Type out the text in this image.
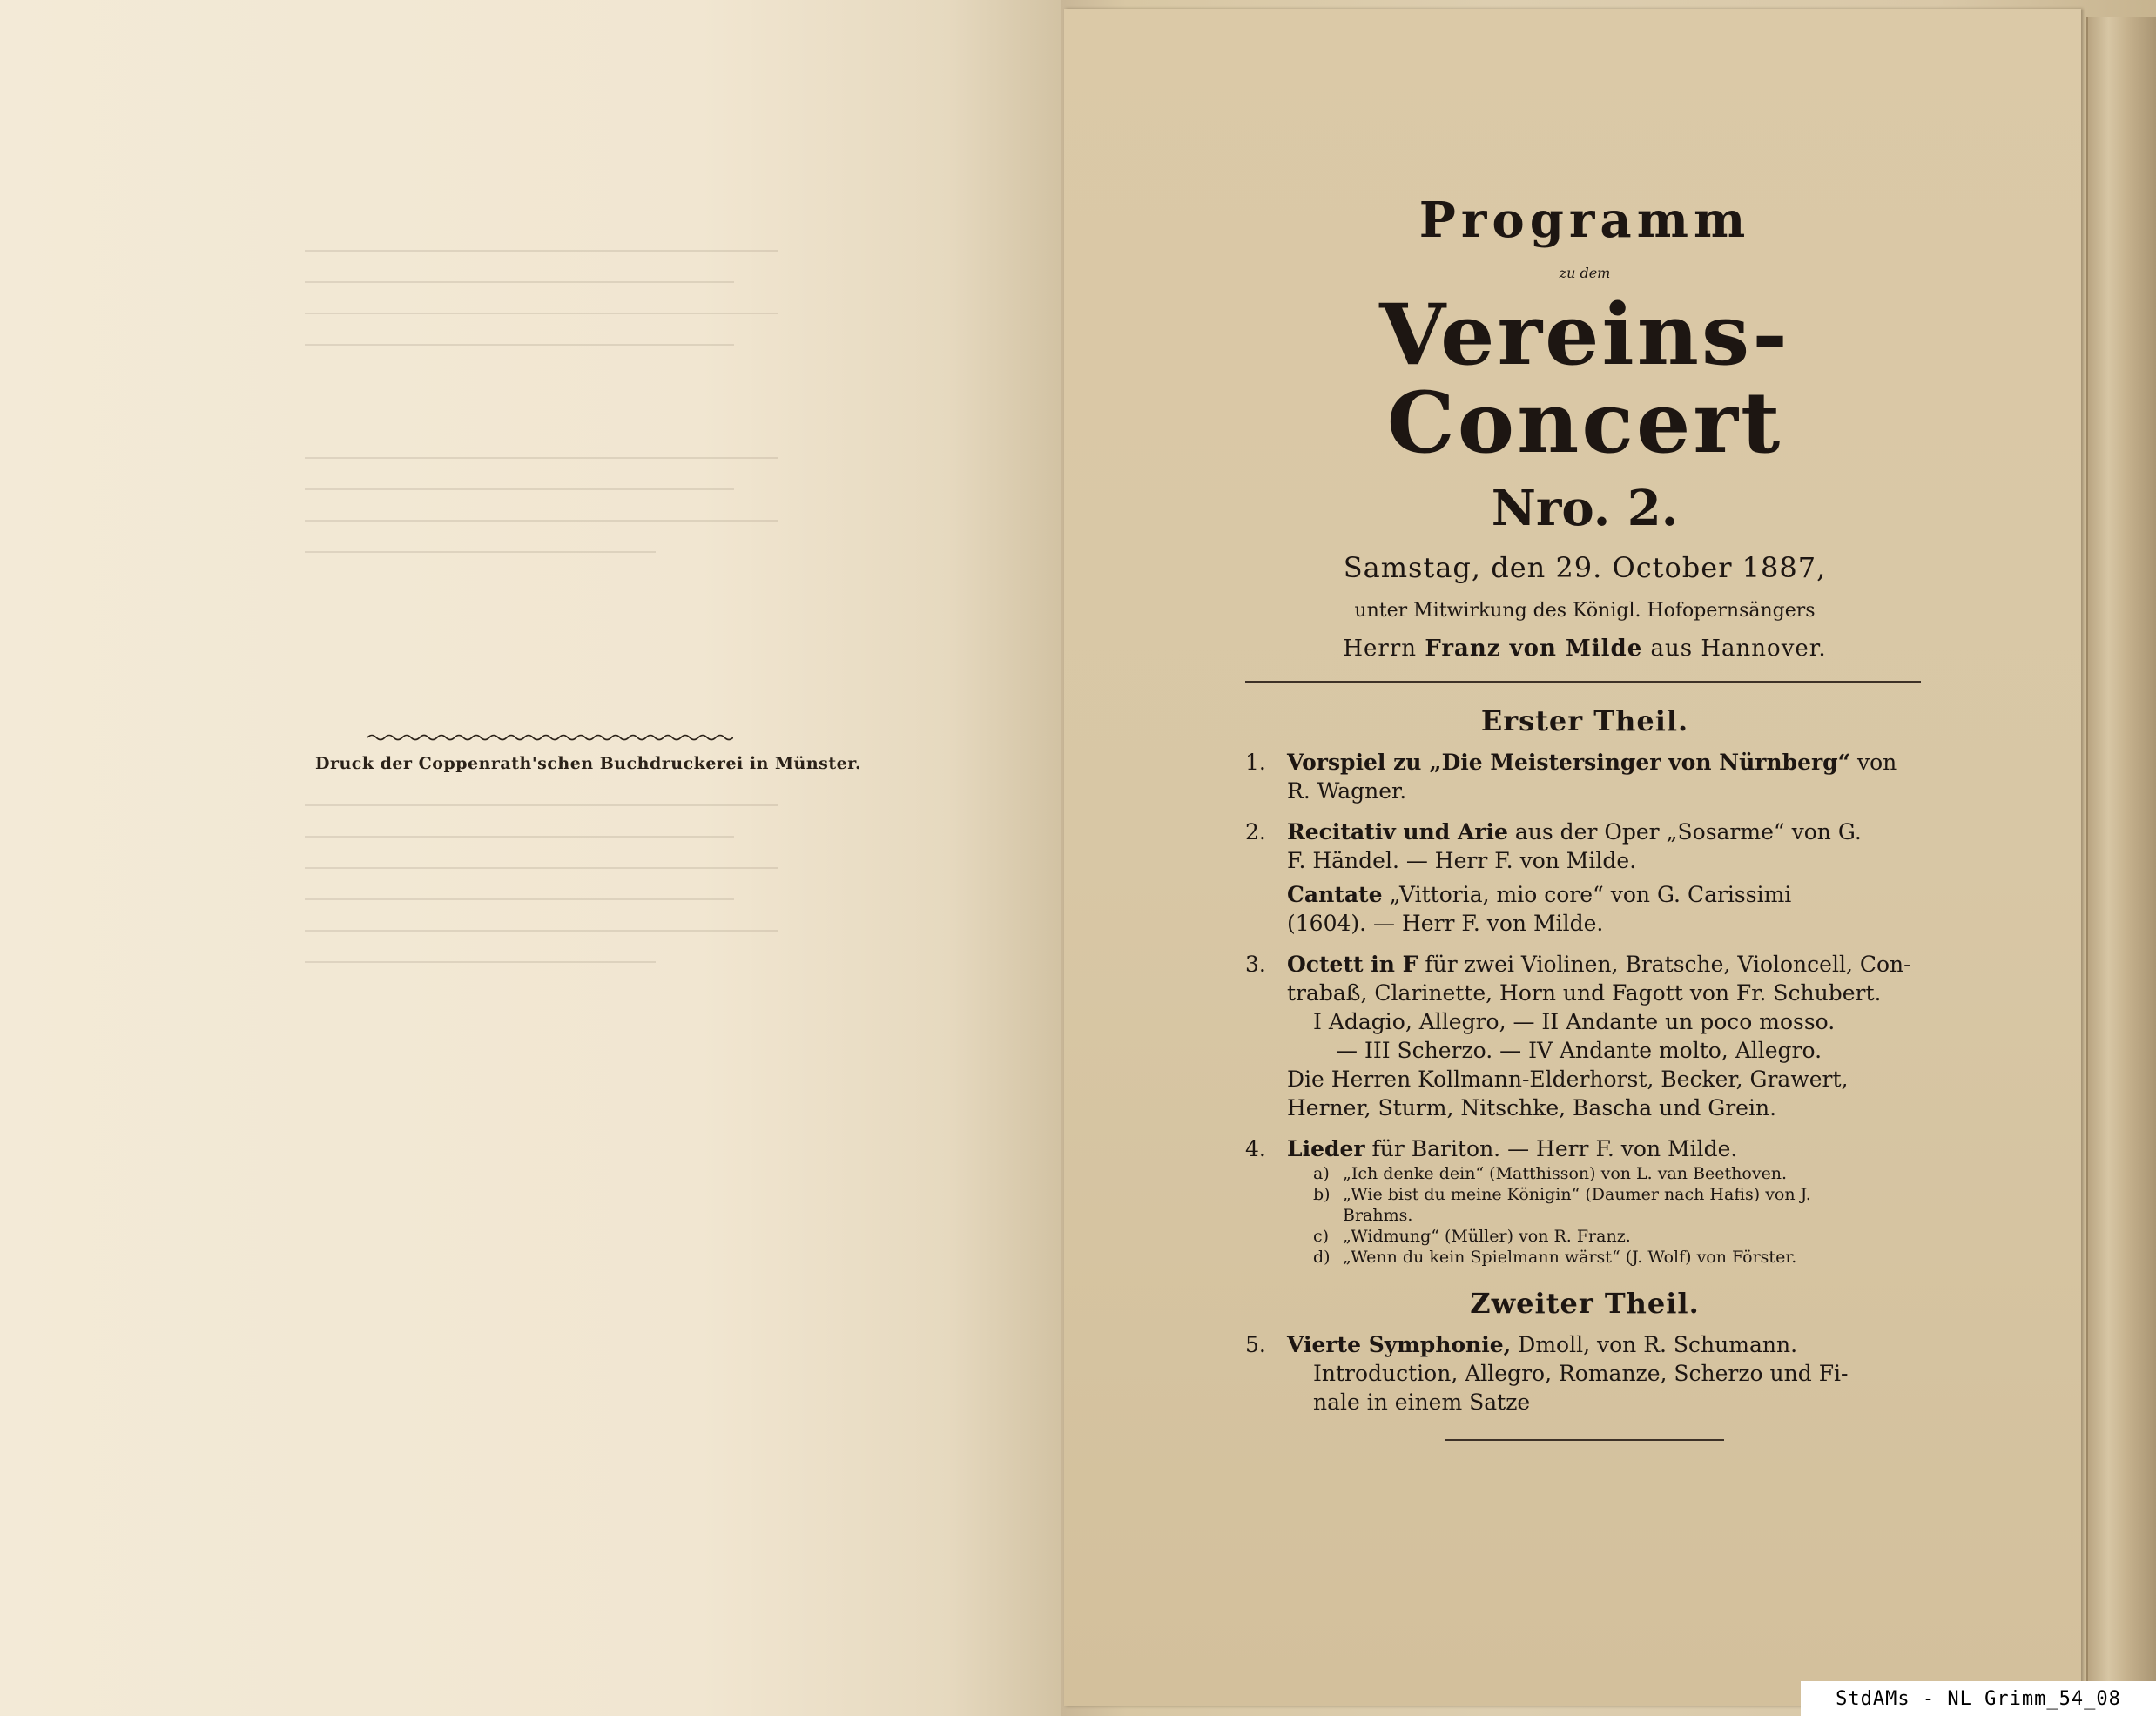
Druck der Coppenrath'schen Buchdruckerei in Münster.
Programm
zu dem
Vereins-Concert
Nro. 2.
Samstag, den 29. October 1887,
unter Mitwirkung des Königl. Hofopernsängers
Herrn Franz von Milde aus Hannover.
Erster Theil.
1. Vorspiel zu „Die Meistersinger von Nürnberg“ von
R. Wagner.
2. Recitativ und Arie aus der Oper „Sosarme“ von G.
F. Händel. — Herr F. von Milde.
Cantate „Vittoria, mio core“ von G. Carissimi
(1604). — Herr F. von Milde.
3. Octett in F für zwei Violinen, Bratsche, Violoncell, Con-
trabaß, Clarinette, Horn und Fagott von Fr. Schubert.
I Adagio, Allegro, — II Andante un poco mosso.
— III Scherzo. — IV Andante molto, Allegro.
Die Herren Kollmann-Elderhorst, Becker, Grawert,
Herner, Sturm, Nitschke, Bascha und Grein.
4. Lieder für Bariton. — Herr F. von Milde.
a) „Ich denke dein“ (Matthisson) von L. van Beethoven.
b) „Wie bist du meine Königin“ (Daumer nach Hafis) von J.
Brahms.
c) „Widmung“ (Müller) von R. Franz.
d) „Wenn du kein Spielmann wärst“ (J. Wolf) von Förster.
Zweiter Theil.
5. Vierte Symphonie, Dmoll, von R. Schumann.
Introduction, Allegro, Romanze, Scherzo und Fi-
nale in einem Satze
StdAMs - NL Grimm_54_08
